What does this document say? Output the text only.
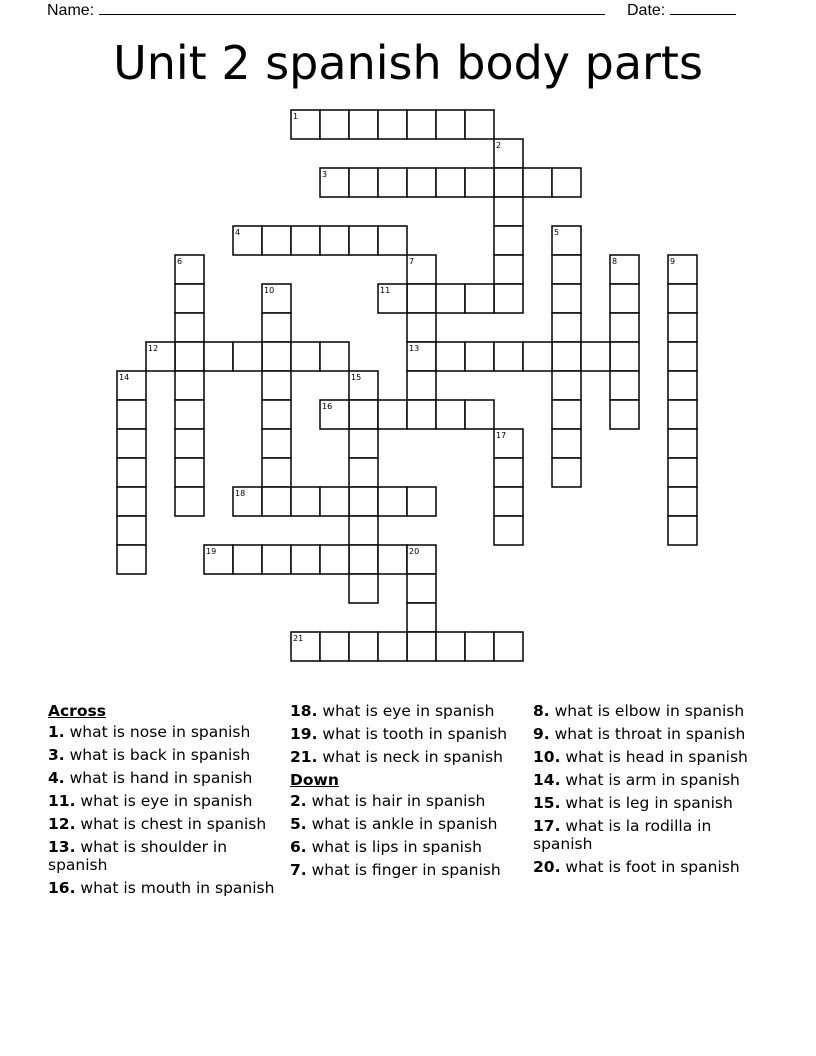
Name:	Date:
Unit 2 spanish body parts
1
2
3
4	5
6	7	8	9
10	11
12	13
14	15
16
17
18
19	20
21
Across
1. what is nose in spanish
3. what is back in spanish
4. what is hand in spanish
11. what is eye in spanish
12. what is chest in spanish
13. what is shoulder in spanish
16. what is mouth in spanish
18. what is eye in spanish
19. what is tooth in spanish
21. what is neck in spanish
Down
2. what is hair in spanish
5. what is ankle in spanish
6. what is lips in spanish
7. what is finger in spanish
8. what is elbow in spanish
9. what is throat in spanish
10. what is head in spanish
14. what is arm in spanish
15. what is leg in spanish
17. what is la rodilla in spanish
20. what is foot in spanish
